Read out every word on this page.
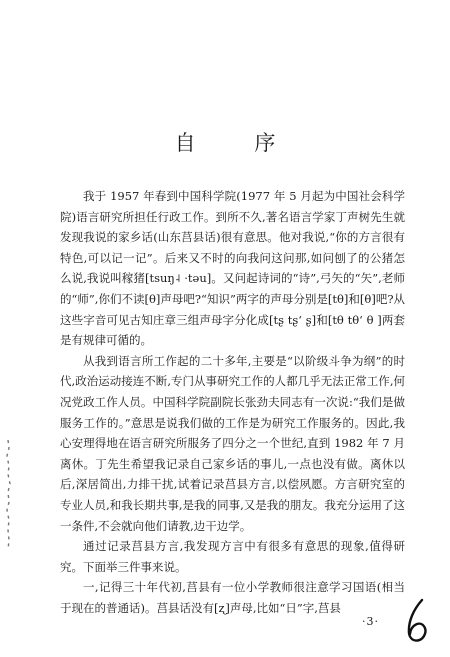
自 序

我于 1957 年春到中国科学院(1977 年 5 月起为中国社会科学院)语言研究所担任行政工作。到所不久,著名语言学家丁声树先生就发现我说的家乡话(山东莒县话)很有意思。他对我说,“你的方言很有特色,可以记一记”。后来又不时的向我问这问那,如问刨了的公猪怎么说,我说叫稼猪[tsuŋ˨ ·tǝu]。又问起诗词的“诗”,弓矢的“矢”,老师的“师”,你们不读[θ]声母吧?“知识”两字的声母分别是[tθ]和[θ]吧?从这些字音可见古知庄章三组声母字分化成[tʂ tʂʻ ʂ]和[tθ tθʻ θ ]两套是有规律可循的。

从我到语言所工作起的二十多年,主要是“以阶级斗争为纲”的时代,政治运动接连不断,专门从事研究工作的人都几乎无法正常工作,何况党政工作人员。中国科学院副院长张劲夫同志有一次说:“我们是做服务工作的。”意思是说我们做的工作是为研究工作服务的。因此,我心安理得地在语言研究所服务了四分之一个世纪,直到 1982 年 7 月离休。丁先生希望我记录自己家乡话的事儿,一点也没有做。离休以后,深居简出,力排干扰,试着记录莒县方言,以偿夙愿。方言研究室的专业人员,和我长期共事,是我的同事,又是我的朋友。我充分运用了这一条件,不会就向他们请教,边干边学。

通过记录莒县方言,我发现方言中有很多有意思的现象,值得研究。下面举三件事来说。

一,记得三十年代初,莒县有一位小学教师很注意学习国语(相当于现在的普通话)。莒县话没有[ʐ]声母,比如“日”字,莒县

·3·
